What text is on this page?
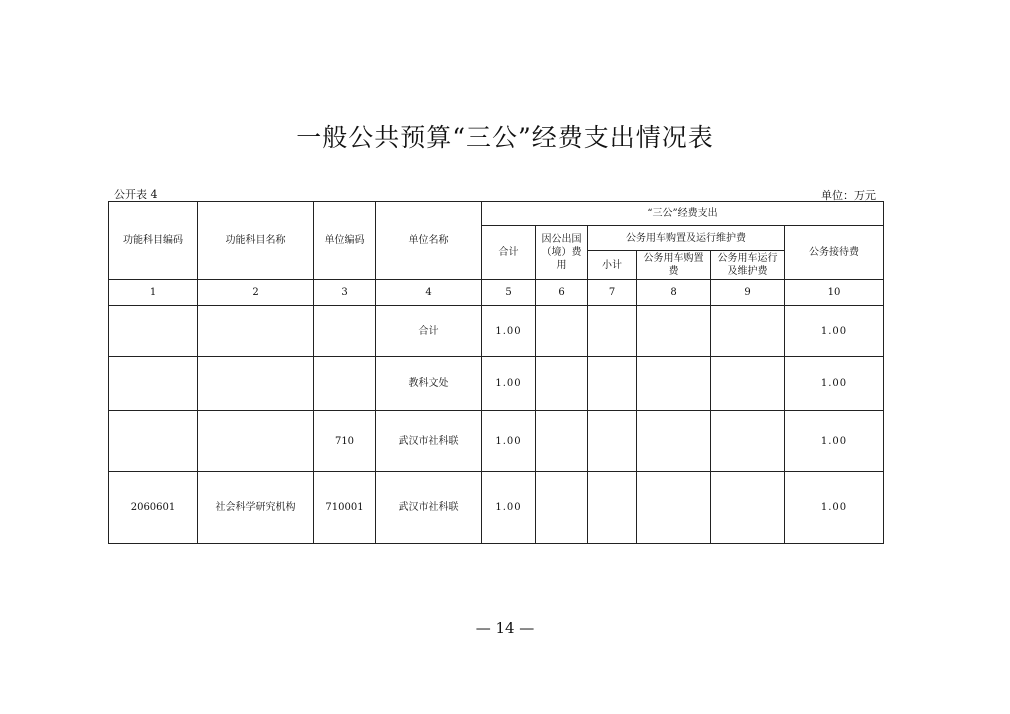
一般公共预算“三公”经费支出情况表
公开表 4	单位：万元
功能科目编码	功能科目名称	单位编码	单位名称	“三公”经费支出					
				合计	因公出国（境）费用	公务用车购置及运行维护费			公务接待费
						小计	公务用车购置费	公务用车运行及维护费	
1	2	3	4	5	6	7	8	9	10
			合计	1.00					1.00
			教科文处	1.00					1.00
		710	武汉市社科联	1.00					1.00
2060601	社会科学研究机构	710001	武汉市社科联	1.00					1.00
— 14 —
